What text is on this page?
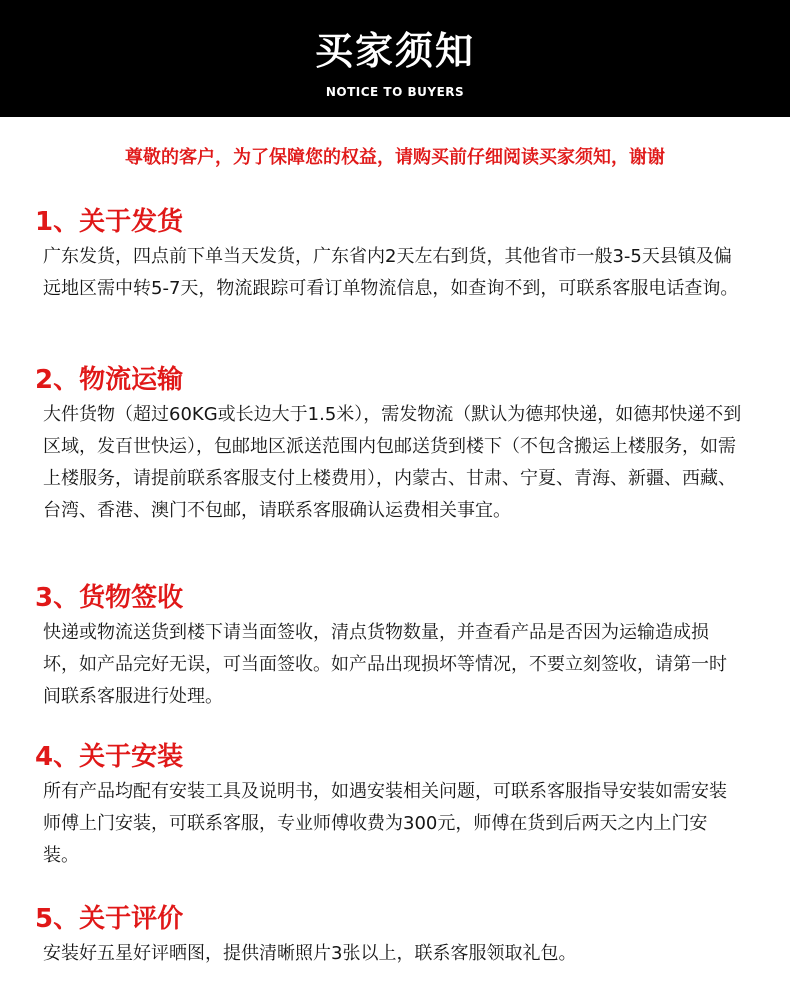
买家须知
NOTICE TO BUYERS
尊敬的客户，为了保障您的权益，请购买前仔细阅读买家须知，谢谢
1、关于发货
广东发货，四点前下单当天发货，广东省内2天左右到货，其他省市一般3-5天县镇及偏远地区需中转5-7天，物流跟踪可看订单物流信息，如查询不到，可联系客服电话查询。
2、物流运输
大件货物（超过60KG或长边大于1.5米），需发物流（默认为德邦快递，如德邦快递不到区域，发百世快运），包邮地区派送范围内包邮送货到楼下（不包含搬运上楼服务，如需上楼服务，请提前联系客服支付上楼费用），内蒙古、甘肃、宁夏、青海、新疆、西藏、台湾、香港、澳门不包邮，请联系客服确认运费相关事宜。
3、货物签收
快递或物流送货到楼下请当面签收，清点货物数量，并查看产品是否因为运输造成损坏，如产品完好无误，可当面签收。如产品出现损坏等情况，不要立刻签收，请第一时间联系客服进行处理。
4、关于安装
所有产品均配有安装工具及说明书，如遇安装相关问题，可联系客服指导安装如需安装师傅上门安装，可联系客服，专业师傅收费为300元，师傅在货到后两天之内上门安装。
5、关于评价
安装好五星好评晒图，提供清晰照片3张以上，联系客服领取礼包。
